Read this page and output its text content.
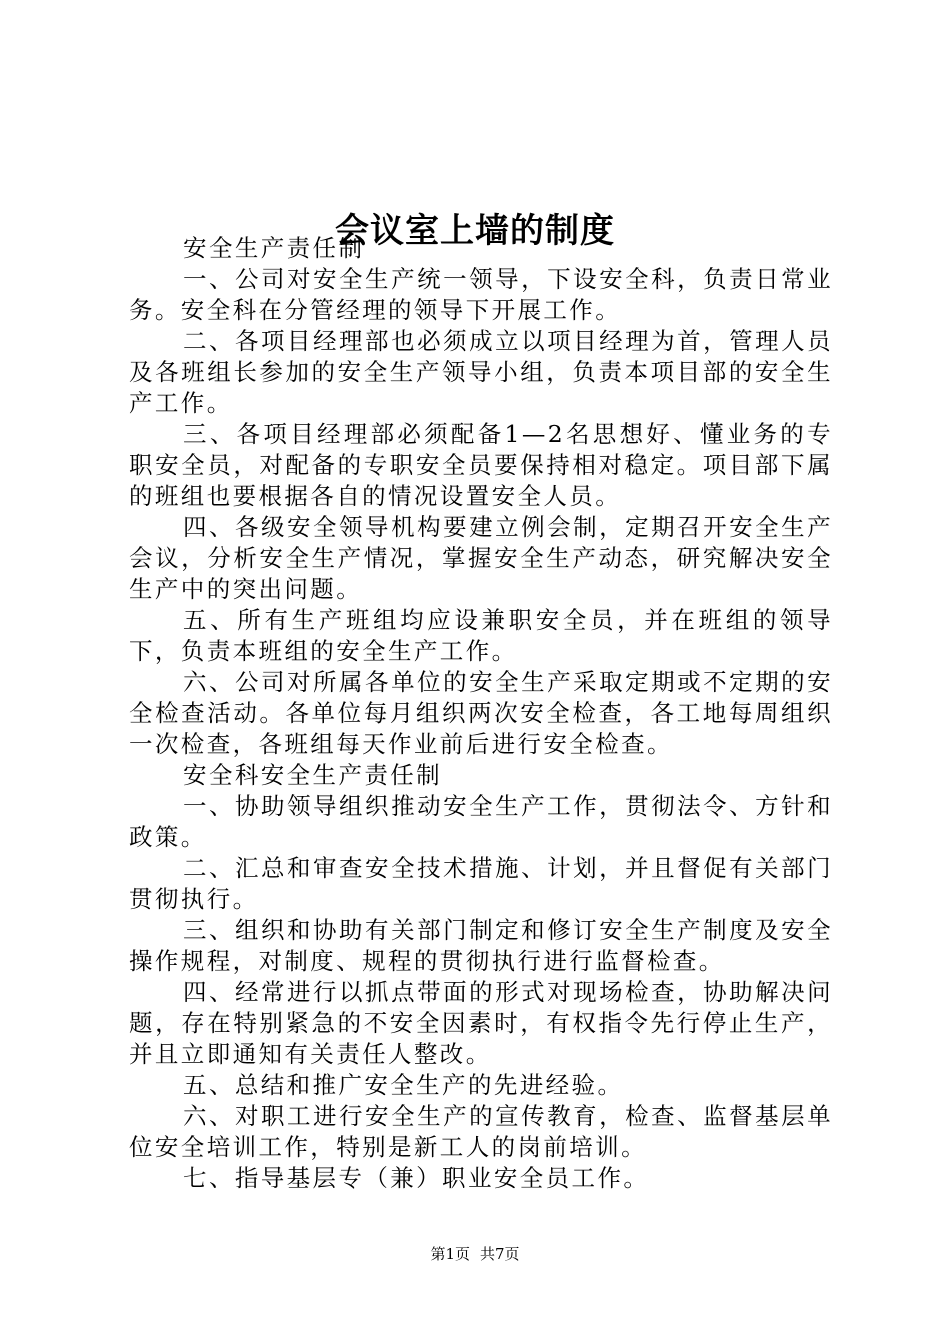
会议室上墙的制度

安全生产责任制

一、公司对安全生产统一领导，下设安全科，负责日常业务。安全科在分管经理的领导下开展工作。

二、各项目经理部也必须成立以项目经理为首，管理人员及各班组长参加的安全生产领导小组，负责本项目部的安全生产工作。

三、各项目经理部必须配备1—2名思想好、懂业务的专职安全员，对配备的专职安全员要保持相对稳定。项目部下属的班组也要根据各自的情况设置安全人员。

四、各级安全领导机构要建立例会制，定期召开安全生产会议，分析安全生产情况，掌握安全生产动态，研究解决安全生产中的突出问题。

五、所有生产班组均应设兼职安全员，并在班组的领导下，负责本班组的安全生产工作。

六、公司对所属各单位的安全生产采取定期或不定期的安全检查活动。各单位每月组织两次安全检查，各工地每周组织一次检查，各班组每天作业前后进行安全检查。

安全科安全生产责任制

一、协助领导组织推动安全生产工作，贯彻法令、方针和政策。

二、汇总和审查安全技术措施、计划，并且督促有关部门贯彻执行。

三、组织和协助有关部门制定和修订安全生产制度及安全操作规程，对制度、规程的贯彻执行进行监督检查。

四、经常进行以抓点带面的形式对现场检查，协助解决问题，存在特别紧急的不安全因素时，有权指令先行停止生产，并且立即通知有关责任人整改。

五、总结和推广安全生产的先进经验。

六、对职工进行安全生产的宣传教育，检查、监督基层单位安全培训工作，特别是新工人的岗前培训。

七、指导基层专（兼）职业安全员工作。

第1页 共7页
